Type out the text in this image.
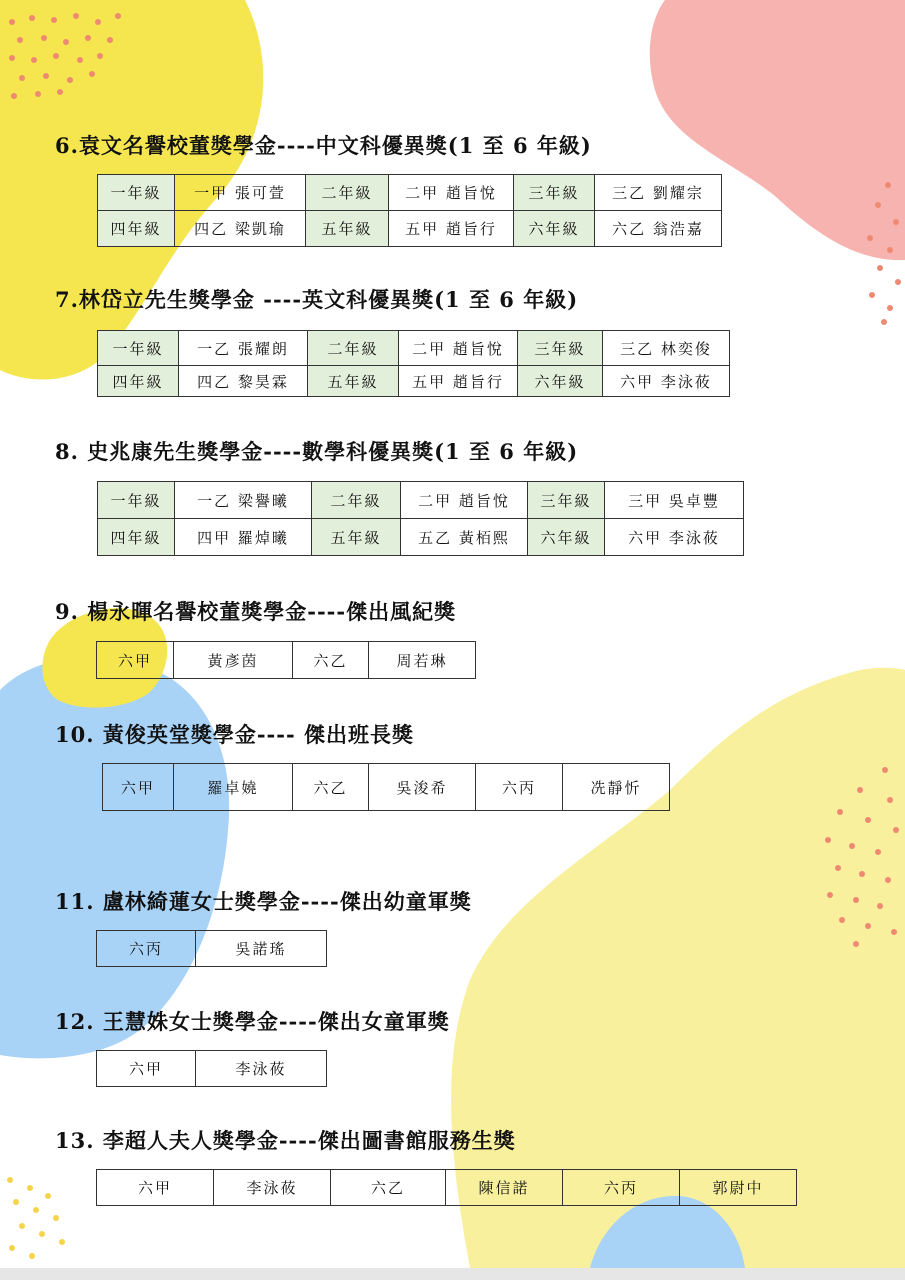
6.袁文名譽校董獎學金----中文科優異獎(1 至 6 年級)
一年級	一甲 張可萱	二年級	二甲 趙旨悅	三年級	三乙 劉耀宗
四年級	四乙 梁凱瑜	五年級	五甲 趙旨行	六年級	六乙 翁浩嘉
7.林岱立先生獎學金 ----英文科優異獎(1 至 6 年級)
一年級	一乙 張耀朗	二年級	二甲 趙旨悅	三年級	三乙 林奕俊
四年級	四乙 黎昊霖	五年級	五甲 趙旨行	六年級	六甲 李泳莜
8. 史兆康先生獎學金----數學科優異獎(1 至 6 年級)
一年級	一乙 梁譽曦	二年級	二甲 趙旨悅	三年級	三甲 吳卓豐
四年級	四甲 羅焯曦	五年級	五乙 黃栢熙	六年級	六甲 李泳莜
9. 楊永暉名譽校董獎學金----傑出風紀獎
六甲	黃彥茵	六乙	周若琳
10. 黃俊英堂獎學金---- 傑出班長獎
六甲	羅卓嬈	六乙	吳浚希	六丙	冼靜忻
11. 盧林綺蓮女士獎學金----傑出幼童軍獎
六丙	吳諾瑤
12. 王慧姝女士獎學金----傑出女童軍獎
六甲	李泳莜
13. 李超人夫人獎學金----傑出圖書館服務生獎
六甲	李泳莜	六乙	陳信諾	六丙	郭尉中
